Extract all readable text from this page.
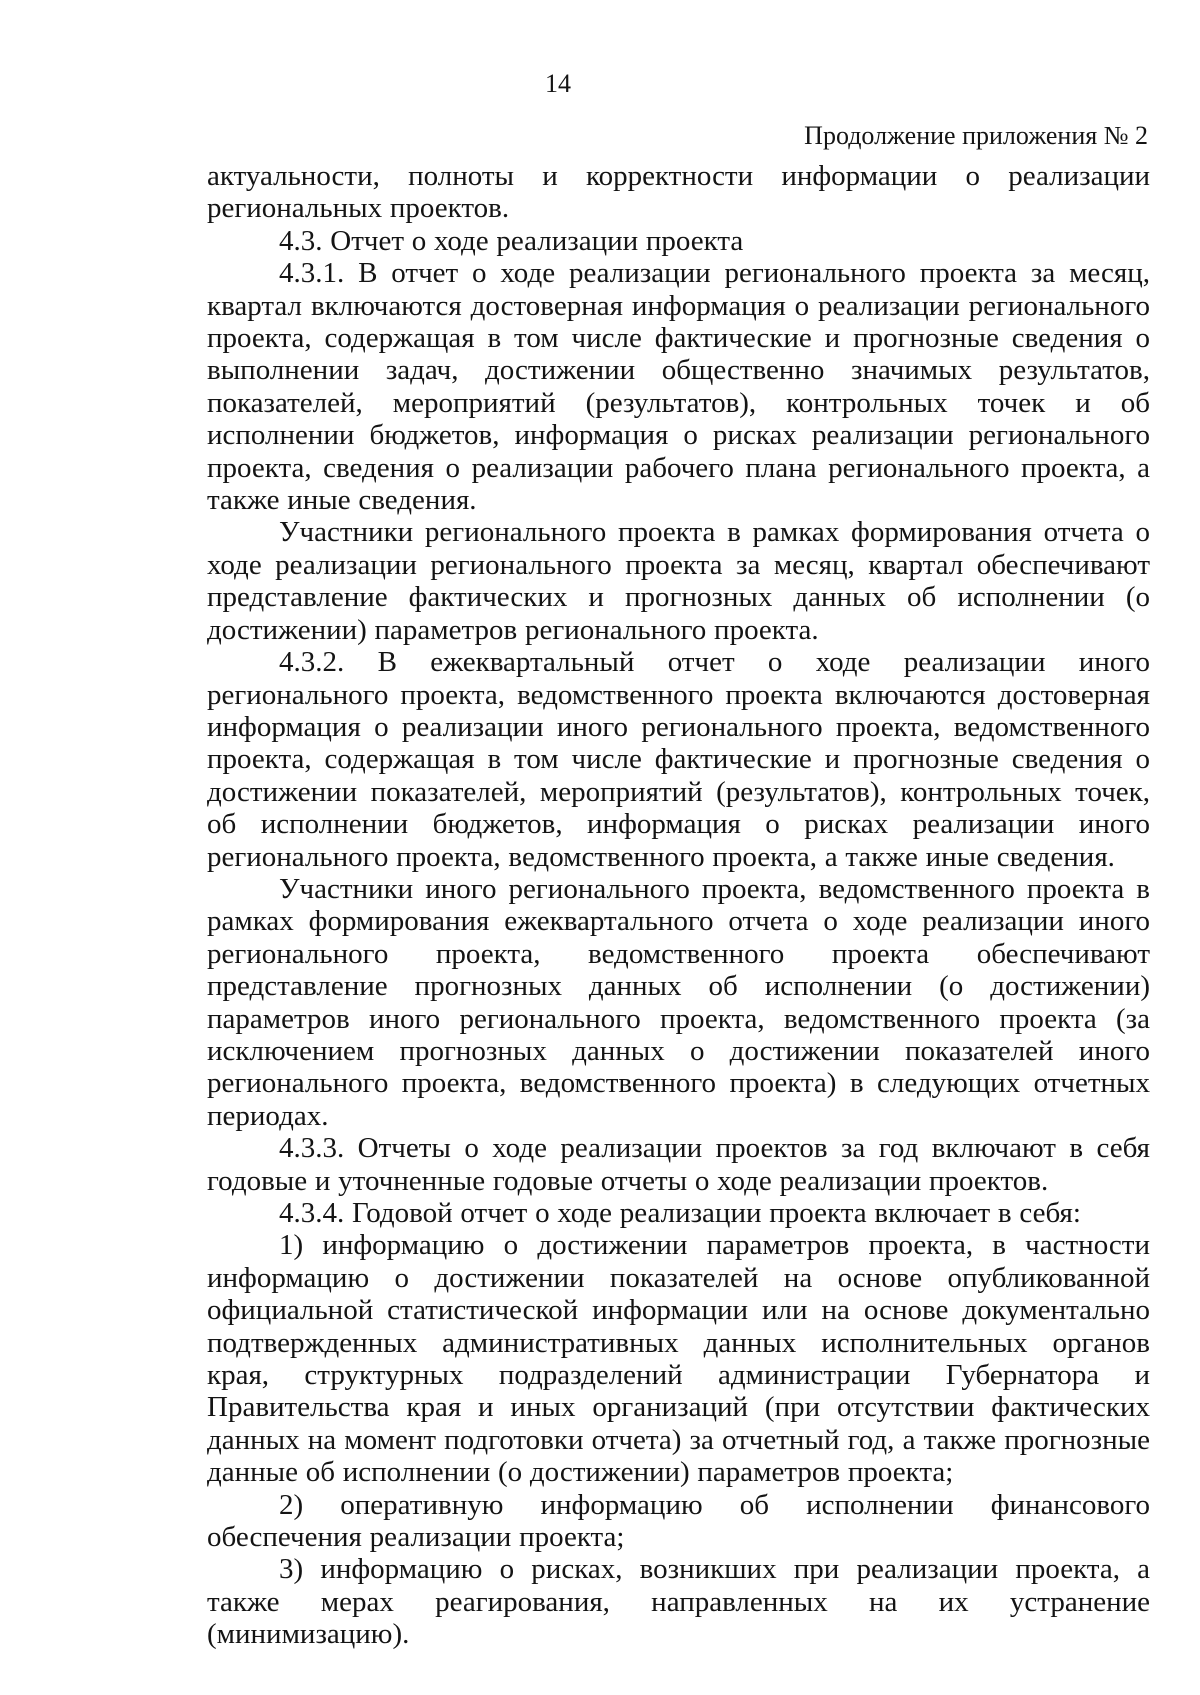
14
Продолжение приложения № 2

актуальности, полноты и корректности информации о реализации региональных проектов.

4.3. Отчет о ходе реализации проекта

4.3.1. В отчет о ходе реализации регионального проекта за месяц, квартал включаются достоверная информация о реализации регионального проекта, содержащая в том числе фактические и прогнозные сведения о выполнении задач, достижении общественно значимых результатов, показателей, мероприятий (результатов), контрольных точек и об исполнении бюджетов, информация о рисках реализации регионального проекта, сведения о реализации рабочего плана регионального проекта, а также иные сведения.

Участники регионального проекта в рамках формирования отчета о ходе реализации регионального проекта за месяц, квартал обеспечивают представление фактических и прогнозных данных об исполнении (о достижении) параметров регионального проекта.

4.3.2. В ежеквартальный отчет о ходе реализации иного регионального проекта, ведомственного проекта включаются достоверная информация о реализации иного регионального проекта, ведомственного проекта, содержащая в том числе фактические и прогнозные сведения о достижении показателей, мероприятий (результатов), контрольных точек, об исполнении бюджетов, информация о рисках реализации иного регионального проекта, ведомственного проекта, а также иные сведения.

Участники иного регионального проекта, ведомственного проекта в рамках формирования ежеквартального отчета о ходе реализации иного регионального проекта, ведомственного проекта обеспечивают представление прогнозных данных об исполнении (о достижении) параметров иного регионального проекта, ведомственного проекта (за исключением прогнозных данных о достижении показателей иного регионального проекта, ведомственного проекта) в следующих отчетных периодах.

4.3.3. Отчеты о ходе реализации проектов за год включают в себя годовые и уточненные годовые отчеты о ходе реализации проектов.

4.3.4. Годовой отчет о ходе реализации проекта включает в себя:

1) информацию о достижении параметров проекта, в частности информацию о достижении показателей на основе опубликованной официальной статистической информации или на основе документально подтвержденных административных данных исполнительных органов края, структурных подразделений администрации Губернатора и Правительства края и иных организаций (при отсутствии фактических данных на момент подготовки отчета) за отчетный год, а также прогнозные данные об исполнении (о достижении) параметров проекта;

2) оперативную информацию об исполнении финансового обеспечения реализации проекта;

3) информацию о рисках, возникших при реализации проекта, а также мерах реагирования, направленных на их устранение (минимизацию).
